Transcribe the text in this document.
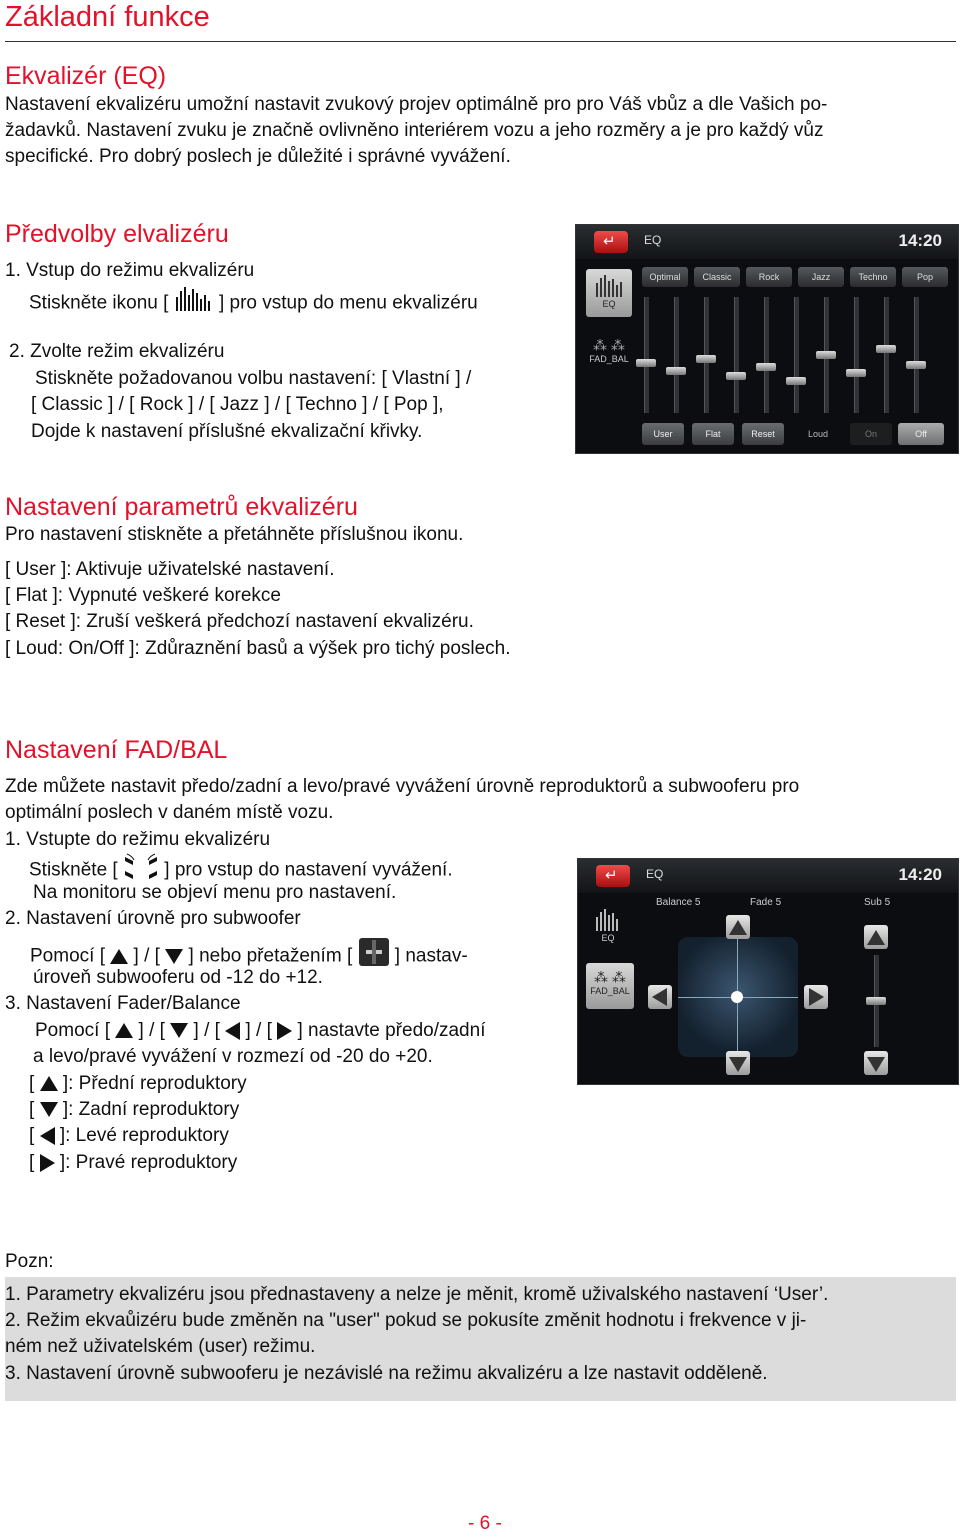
Základní funkce
Ekvalizér (EQ)
Nastavení ekvalizéru umožní nastavit zvukový projev optimálně pro pro Váš vbůz a dle Vašich po-
žadavků. Nastavení zvuku je značně ovlivněno interiérem vozu a jeho rozměry a je pro každý vůz
specifické. Pro dobrý poslech je důležité i správné vyvážení.
Předvolby elvalizéru
1. Vstup do režimu ekvalizéru
Stiskněte ikonu [	] pro vstup do menu ekvalizéru
2. Zvolte režim ekvalizéru
Stiskněte požadovanou volbu nastavení: [ Vlastní ] /
[ Classic ] / [ Rock ] / [ Jazz ] / [ Techno ] / [ Pop ],
Dojde k nastavení příslušné ekvalizační křivky.
↵
EQ	14:20
EQ
⁂ ⁂
FAD_BAL
Optimal	Classic	Rock	Jazz	Techno	Pop
User	Flat	Reset	Loud	On	Off
Nastavení parametrů ekvalizéru
Pro nastavení stiskněte a přetáhněte příslušnou ikonu.
[ User ]: Aktivuje uživatelské nastavení.
[ Flat ]: Vypnuté veškeré korekce
[ Reset ]: Zruší veškerá předchozí nastavení ekvalizéru.
[ Loud: On/Off ]: Zdůraznění basů a výšek pro tichý poslech.
Nastavení FAD/BAL
Zde můžete nastavit předo/zadní a levo/pravé vyvážení úrovně reproduktorů a subwooferu pro
optimální poslech v daném místě vozu.
1. Vstupte do režimu ekvalizéru
Stiskněte [ ] pro vstup do nastavení vyvážení.
Na monitoru se objeví menu pro nastavení.
2. Nastavení úrovně pro subwoofer
Pomocí [ ] / [ ] nebo přetažením [ ] nastav-
úroveň subwooferu od -12 do +12.
3. Nastavení Fader/Balance
Pomocí [ ] / [ ] / [ ] / [ ] nastavte předo/zadní
a levo/pravé vyvážení v rozmezí od -20 do +20.
[  ]: Přední reproduktory
[  ]: Zadní reproduktory
[  ]: Levé reproduktory
[  ]: Pravé reproduktory
↵
EQ	14:20
EQ
⁂ ⁂
FAD_BAL
Balance 5	Fade 5	Sub 5
Pozn:
1. Parametry ekvalizéru jsou přednastaveny a nelze je měnit, kromě uživalského nastavení ‘User’.
2. Režim ekvaůizéru bude změněn na "user" pokud se pokusíte změnit hodnotu i frekvence v ji-
ném než uživatelském (user) režimu.
3. Nastavení úrovně subwooferu je nezávislé na režimu akvalizéru a lze nastavit odděleně.
- 6 -
